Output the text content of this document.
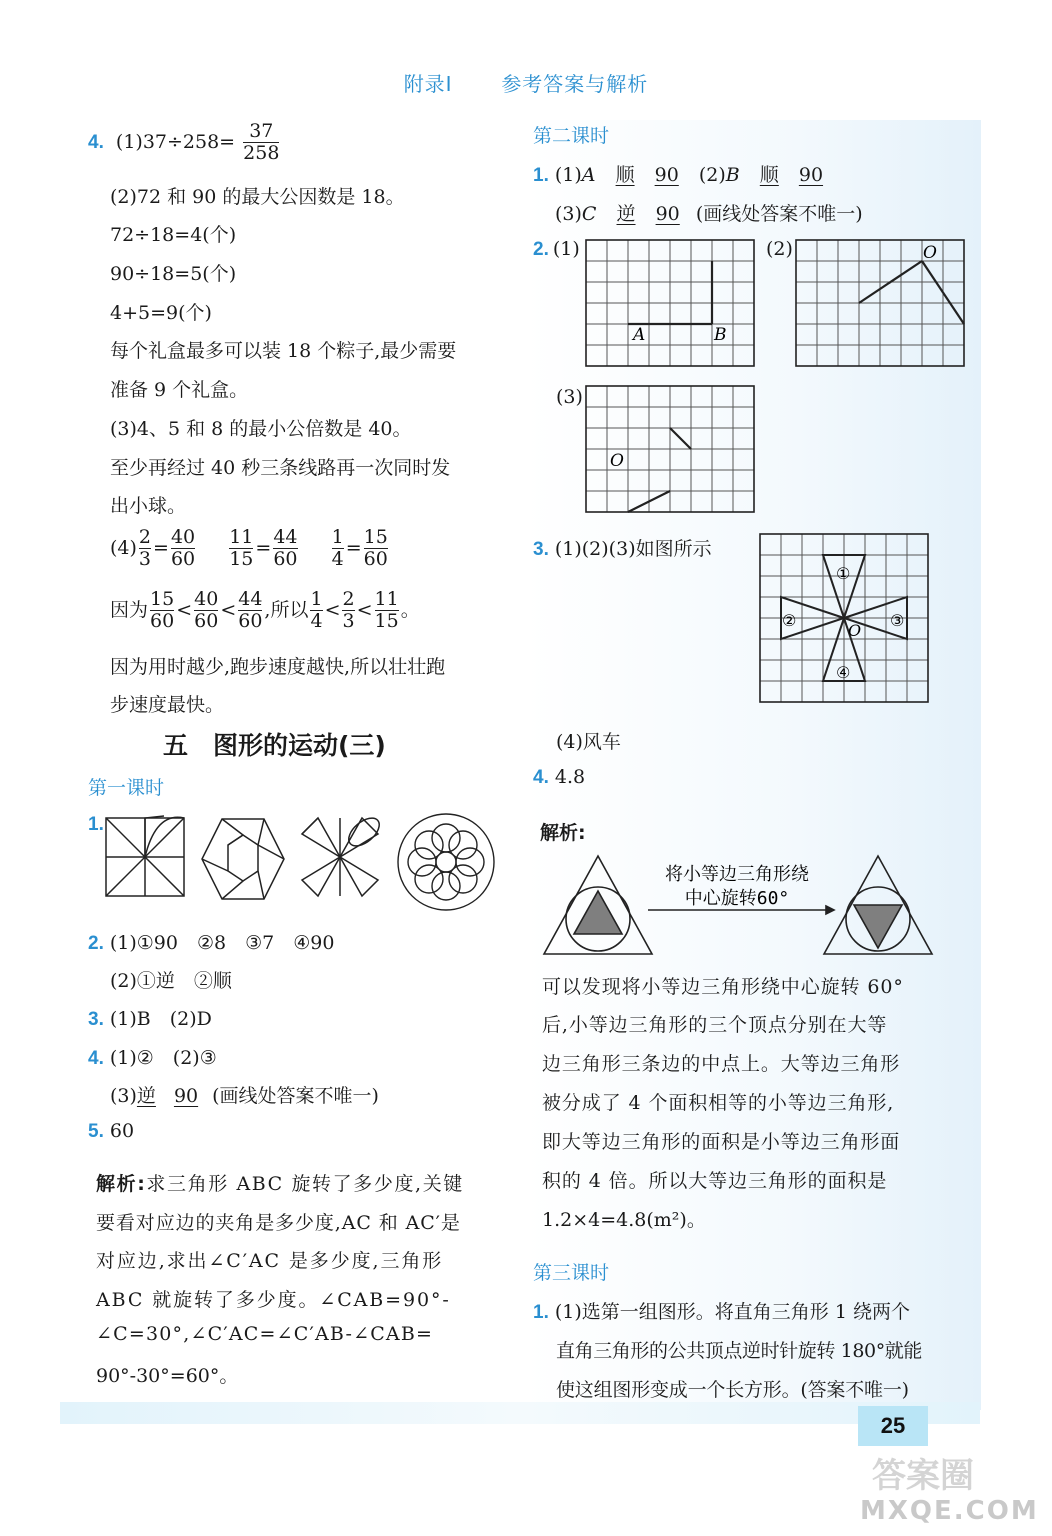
附录Ⅰ 参考答案与解析
4. $(1)37\div 258= \frac{37}{258}$
(2)72 和 90 的最大公因数是 18。
72÷18=4(个)
90÷18=5(个)
4+5=9(个)
每个礼盒最多可以装 18 个粽子,最少需要
准备 9 个礼盒。
(3)4、5 和 8 的最小公倍数是 40。
至少再经过 40 秒三条线路再一次同时发
出小球。
$(4) \frac{2}{3} = \frac{40}{60}$
$\frac{11}{15} = \frac{44}{60}$
$\frac{1}{4} = \frac{15}{60}$
因为 $\frac{15}{60} < \frac{40}{60} < \frac{44}{60}$ ,所以 $\frac{1}{4} < \frac{2}{3} < \frac{11}{15}$ 。
因为用时越少,跑步速度越快,所以壮壮跑
步速度最快。
五　图形的运动(三)
第一课时
1.
2. (1)①90　②8　③7　④90
(2)①逆　②顺
3. (1)B　(2)D
4. (1)②　(2)③
(3)逆 90 (画线处答案不唯一)
5. 60
解析:求三角形 ABC 旋转了多少度,关键
要看对应边的夹角是多少度,AC 和 AC′是
对应边,求出∠C′AC 是多少度,三角形
ABC 就旋转了多少度。∠CAB=90°-
∠C=30°,∠C′AC=∠C′AB-∠CAB=
90°-30°=60°。
第二课时
1. (1)A 顺 90 (2)B 顺 90
(3)C 逆 90 (画线处答案不唯一)
2. (1)	(2)
(3)
A	B
O
O
3. (1)(2)(3)如图所示
①
②	③
④
O
(4)风车
4. 4.8
解析:
将小等边三角形绕
中心旋转60°
可以发现将小等边三角形绕中心旋转 60°
后,小等边三角形的三个顶点分别在大等
边三角形三条边的中点上。大等边三角形
被分成了 4 个面积相等的小等边三角形,
即大等边三角形的面积是小等边三角形面
积的 4 倍。所以大等边三角形的面积是
1.2×4=4.8(m²)。
第三课时
1. (1)选第一组图形。将直角三角形 1 绕两个
直角三角形的公共顶点逆时针旋转 180°就能
使这组图形变成一个长方形。(答案不唯一)
25
答案圈
MXQE.COM
